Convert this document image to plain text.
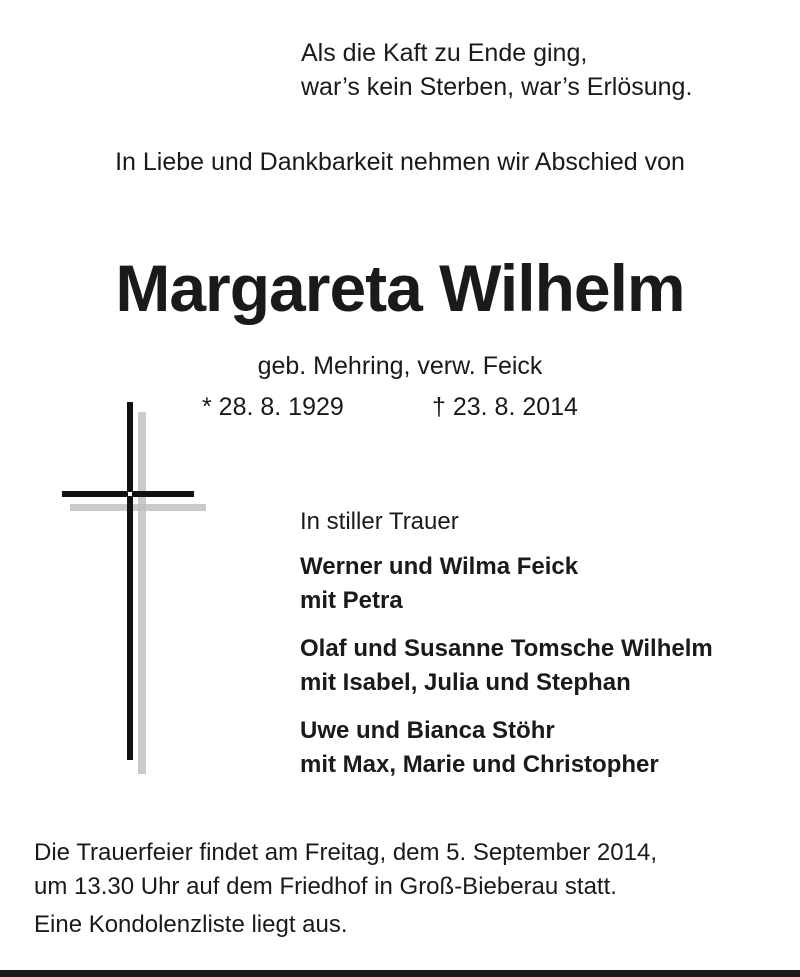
Als die Kaft zu Ende ging,
war’s kein Sterben, war’s Erlösung.
In Liebe und Dankbarkeit nehmen wir Abschied von
Margareta Wilhelm
geb. Mehring, verw. Feick
* 28. 8. 1929	† 23. 8. 2014
In stiller Trauer
Werner und Wilma Feick
mit Petra
Olaf und Susanne Tomsche Wilhelm
mit Isabel, Julia und Stephan
Uwe und Bianca Stöhr
mit Max, Marie und Christopher
Die Trauerfeier findet am Freitag, dem 5. September 2014,
um 13.30 Uhr auf dem Friedhof in Groß-Bieberau statt.
Eine Kondolenzliste liegt aus.
